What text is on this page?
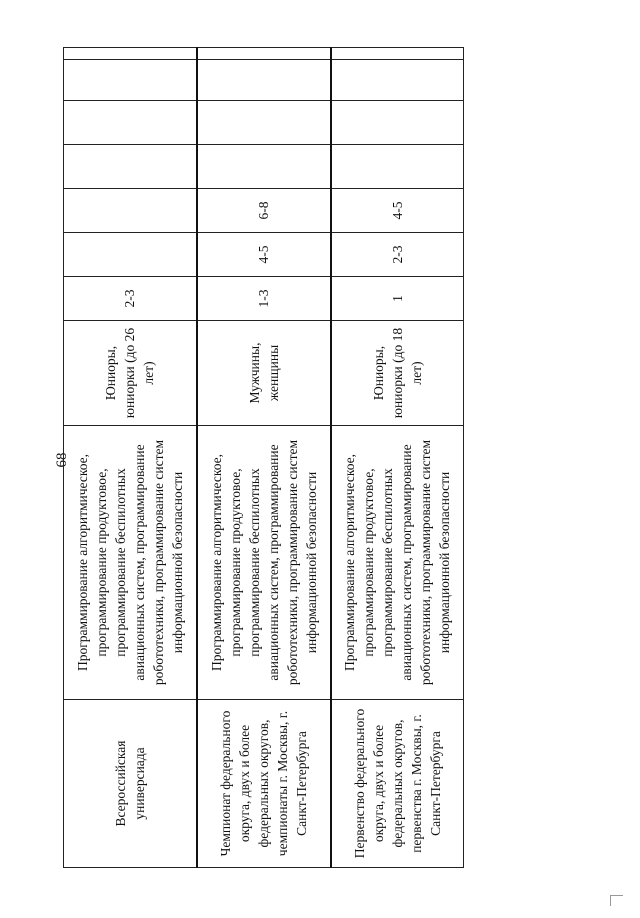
68
Всероссийская универсиада	Программирование алгоритмическое, программирование продуктовое, программирование беспилотных авиационных систем, программирование робототехники, программирование систем информационной безопасности	Юниоры, юниорки (до 26 лет)	2-3						
Чемпионат федерального округа, двух и более федеральных округов, чемпионаты г. Москвы, г. Санкт-Петербурга	Программирование алгоритмическое, программирование продуктовое, программирование беспилотных авиационных систем, программирование робототехники, программирование систем информационной безопасности	Мужчины, женщины	1-3	4-5	6-8				
Первенство федерального округа, двух и более федеральных округов, первенства г. Москвы, г. Санкт-Петербурга	Программирование алгоритмическое, программирование продуктовое, программирование беспилотных авиационных систем, программирование робототехники, программирование систем информационной безопасности	Юниоры, юниорки (до 18 лет)	1	2-3	4-5				
